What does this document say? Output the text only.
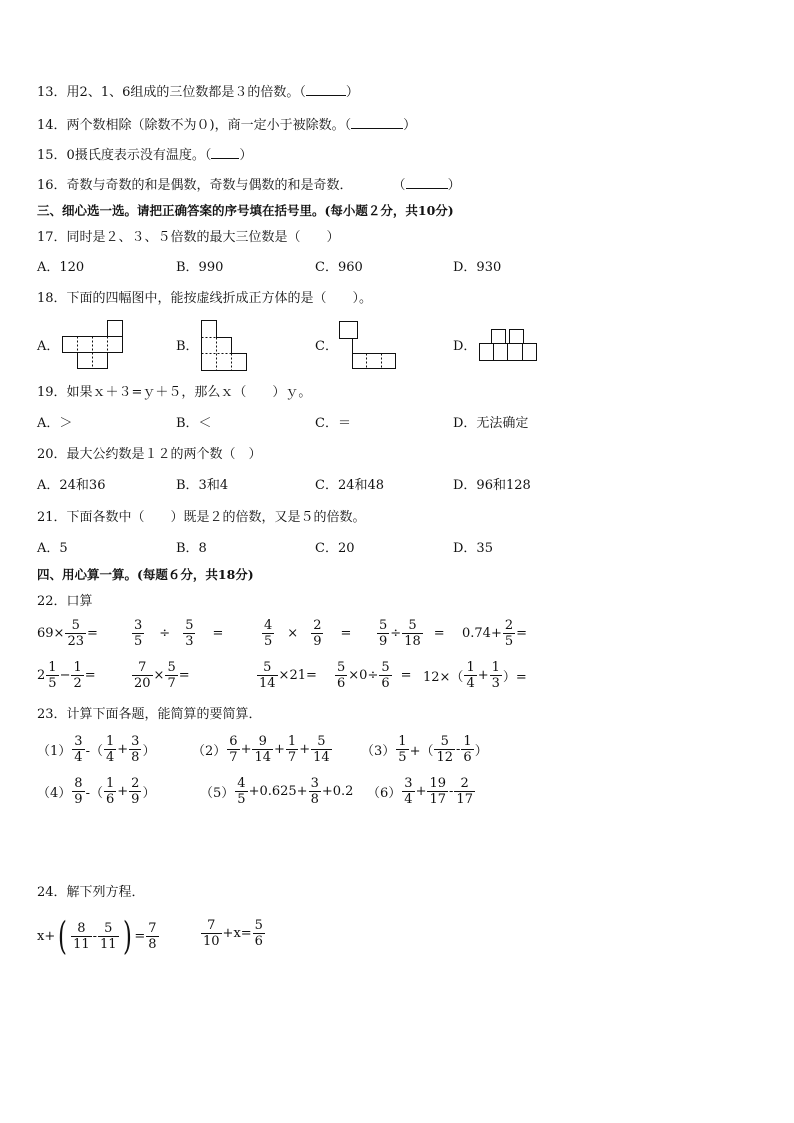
13．用2、1、6组成的三位数都是３的倍数。（	）
14．两个数相除（除数不为０)，商一定小于被除数。（	）
15．0摄氏度表示没有温度。（ ）
16．奇数与奇数的和是偶数，奇数与偶数的和是奇数．	（	）
三、细心选一选。请把正确答案的序号填在括号里。(每小题２分，共10分)
17．同时是２、３、５倍数的最大三位数是（　　）
A．120	B．990	C．960	D．930
18．下面的四幅图中，能按虚线折成正方体的是（　　）。
A．	B．	C．	D．
19．如果ｘ＋３=ｙ＋５，那么ｘ（　　）ｙ。
A．＞	B．＜	C．＝	D．无法确定
20．最大公约数是１２的两个数（　）
A．24和36	B．3和4	C．24和48	D．96和128
21．下面各数中（　　）既是２的倍数，又是５的倍数。
A．5	B．8	C．20	D．35
四、用心算一算。(每题６分，共18分)
22．口算
$69\times \frac{5}{23}$ =	$\frac{3}{5} \div \frac{5}{3}$ =	$\frac{4}{5} \times \frac{2}{9} = \frac{5}{9} \div \frac{5}{18} = 0.74+ \frac{2}{5}$ =
$2 \frac{1}{5} - \frac{1}{2}$ =	$\frac{7}{20} \times \frac{5}{7}$ =	$\frac{5}{14} \times 21= \frac{5}{6} \times 0\div \frac{5}{6} = 12\times( \frac{1}{4} + \frac{1}{3}$ ）=
23．计算下面各题，能简算的要简算．
$(1) \frac{3}{4}$ -（ $\frac{1}{4} + \frac{3}{8}$ ）	$(2) \frac{6}{7} + \frac{9}{14} + \frac{1}{7} + \frac{5}{14} (3) \frac{1}{5}$ +（ $\frac{5}{12} - \frac{1}{6}$ ）
$(4) \frac{8}{9}$ -（ $\frac{1}{6} + \frac{2}{9}$ ）	$(5) \frac{4}{5} +0.625+ \frac{3}{8} +0.2$ $(6) \frac{3}{4} + \frac{19}{17} - \frac{2}{17}$
24．解下列方程．
x+ ( $\frac{8}{11} - \frac{5}{11}$ ) = $\frac{7}{8}$	$\frac{7}{10} +x= \frac{5}{6}$
